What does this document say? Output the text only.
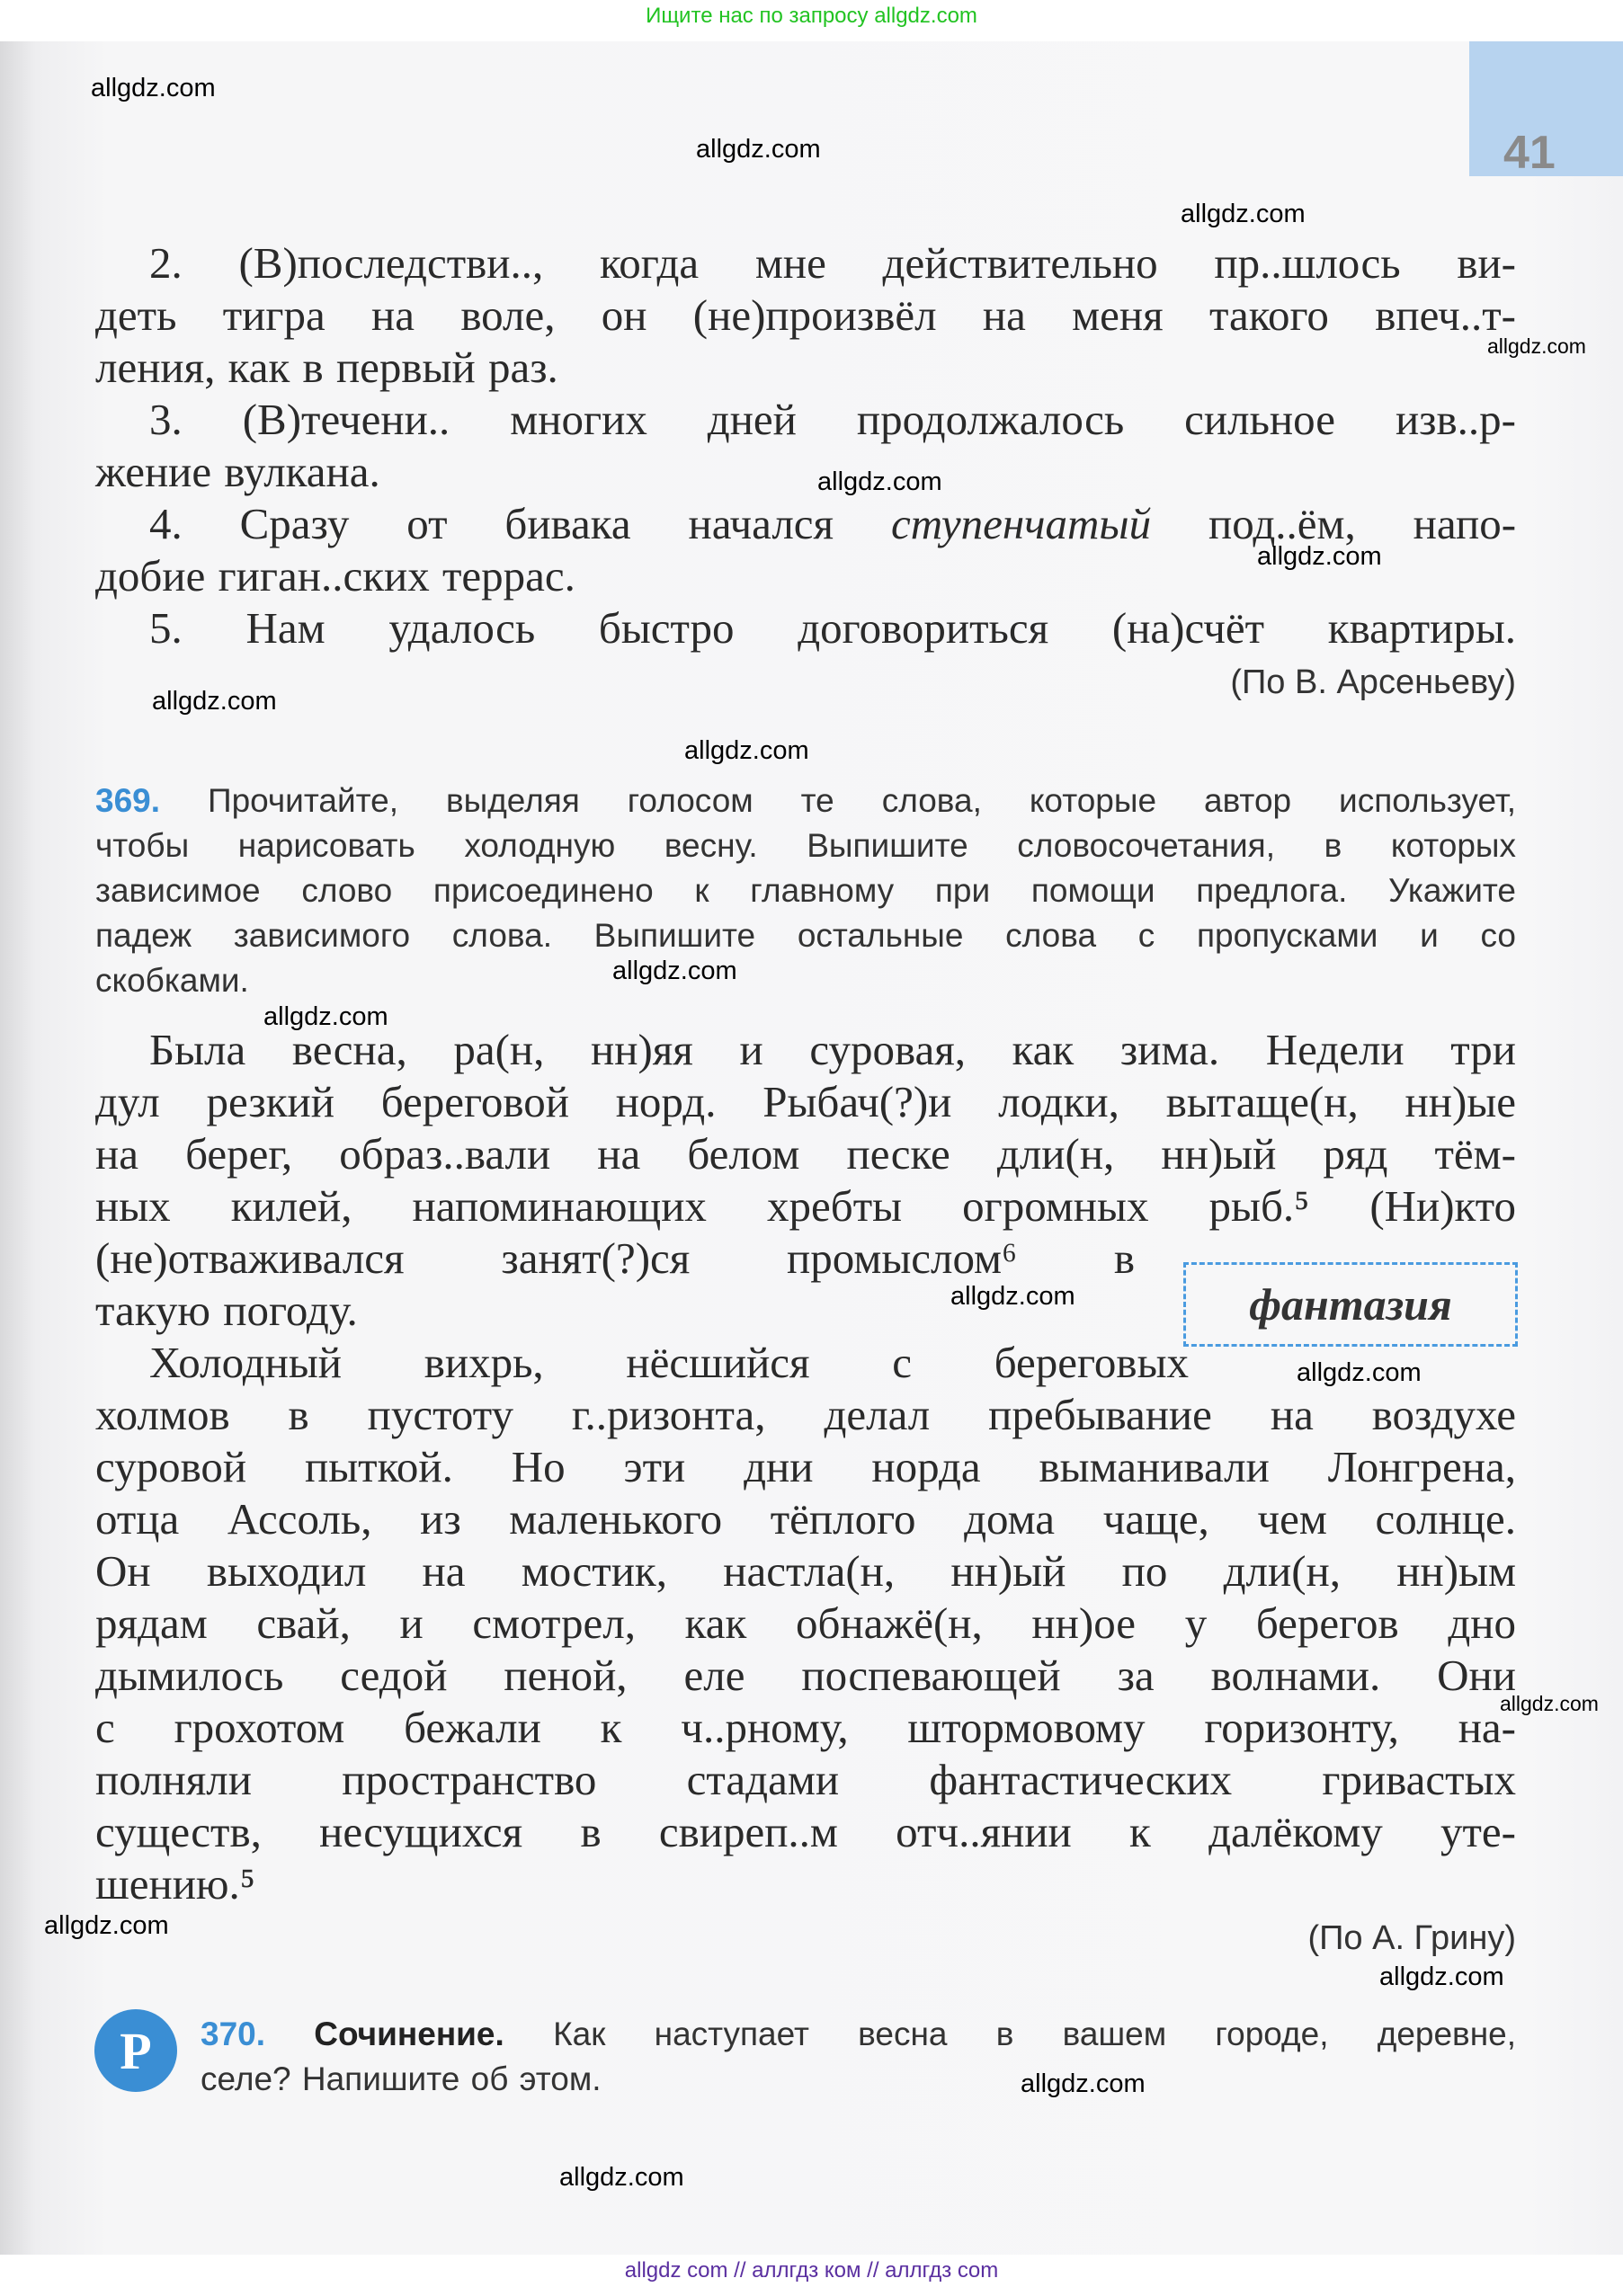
Ищите нас по запросу allgdz.com
41
2. (В)последстви.., когда мне действительно пр..шлось ви-
деть тигра на воле, он (не)произвёл на меня такого впеч..т-
ления, как в первый раз.
3. (В)течени.. многих дней продолжалось сильное изв..р-
жение вулкана.
4. Сразу от бивака начался ступенчатый под..ём, напо-
добие гиган..ских террас.
5. Нам удалось быстро договориться (на)счёт квартиры.
(По В. Арсеньеву)
369. Прочитайте, выделяя голосом те слова, которые автор использует,
чтобы нарисовать холодную весну. Выпишите словосочетания, в которых
зависимое слово присоединено к главному при помощи предлога. Укажите
падеж зависимого слова. Выпишите остальные слова с пропусками и со
скобками.
Была весна, ра(н, нн)яя и суровая, как зима. Недели три
дул резкий береговой норд. Рыбач(?)и лодки, вытаще(н, нн)ые
на берег, образ..вали на белом песке дли(н, нн)ый ряд тём-
ных килей, напоминающих хребты огромных рыб.⁵ (Ни)кто
(не)отваживался занят(?)ся промыслом⁶ в
такую погоду.
Холодный вихрь, нёсшийся с береговых
холмов в пустоту г..ризонта, делал пребывание на воздухе
суровой пыткой. Но эти дни норда выманивали Лонгрена,
отца Ассоль, из маленького тёплого дома чаще, чем солнце.
Он выходил на мостик, настла(н, нн)ый по дли(н, нн)ым
рядам свай, и смотрел, как обнажё(н, нн)ое у берегов дно
дымилось седой пеной, еле поспевающей за волнами. Они
с грохотом бежали к ч..рному, штормовому горизонту, на-
полняли пространство стадами фантастических гривастых
существ, несущихся в свиреп..м отч..янии к далёкому уте-
шению.⁵
фантазия
(По А. Грину)
Р	370. Сочинение. Как наступает весна в вашем городе, деревне,
селе? Напишите об этом.
allgdz.com
allgdz.com
allgdz.com
allgdz.com
allgdz.com
allgdz.com
allgdz.com
allgdz.com
allgdz.com
allgdz.com
allgdz.com
allgdz.com
allgdz.com
allgdz.com
allgdz.com
allgdz.com
allgdz.com
allgdz com // аллгдз ком // аллгдз com
